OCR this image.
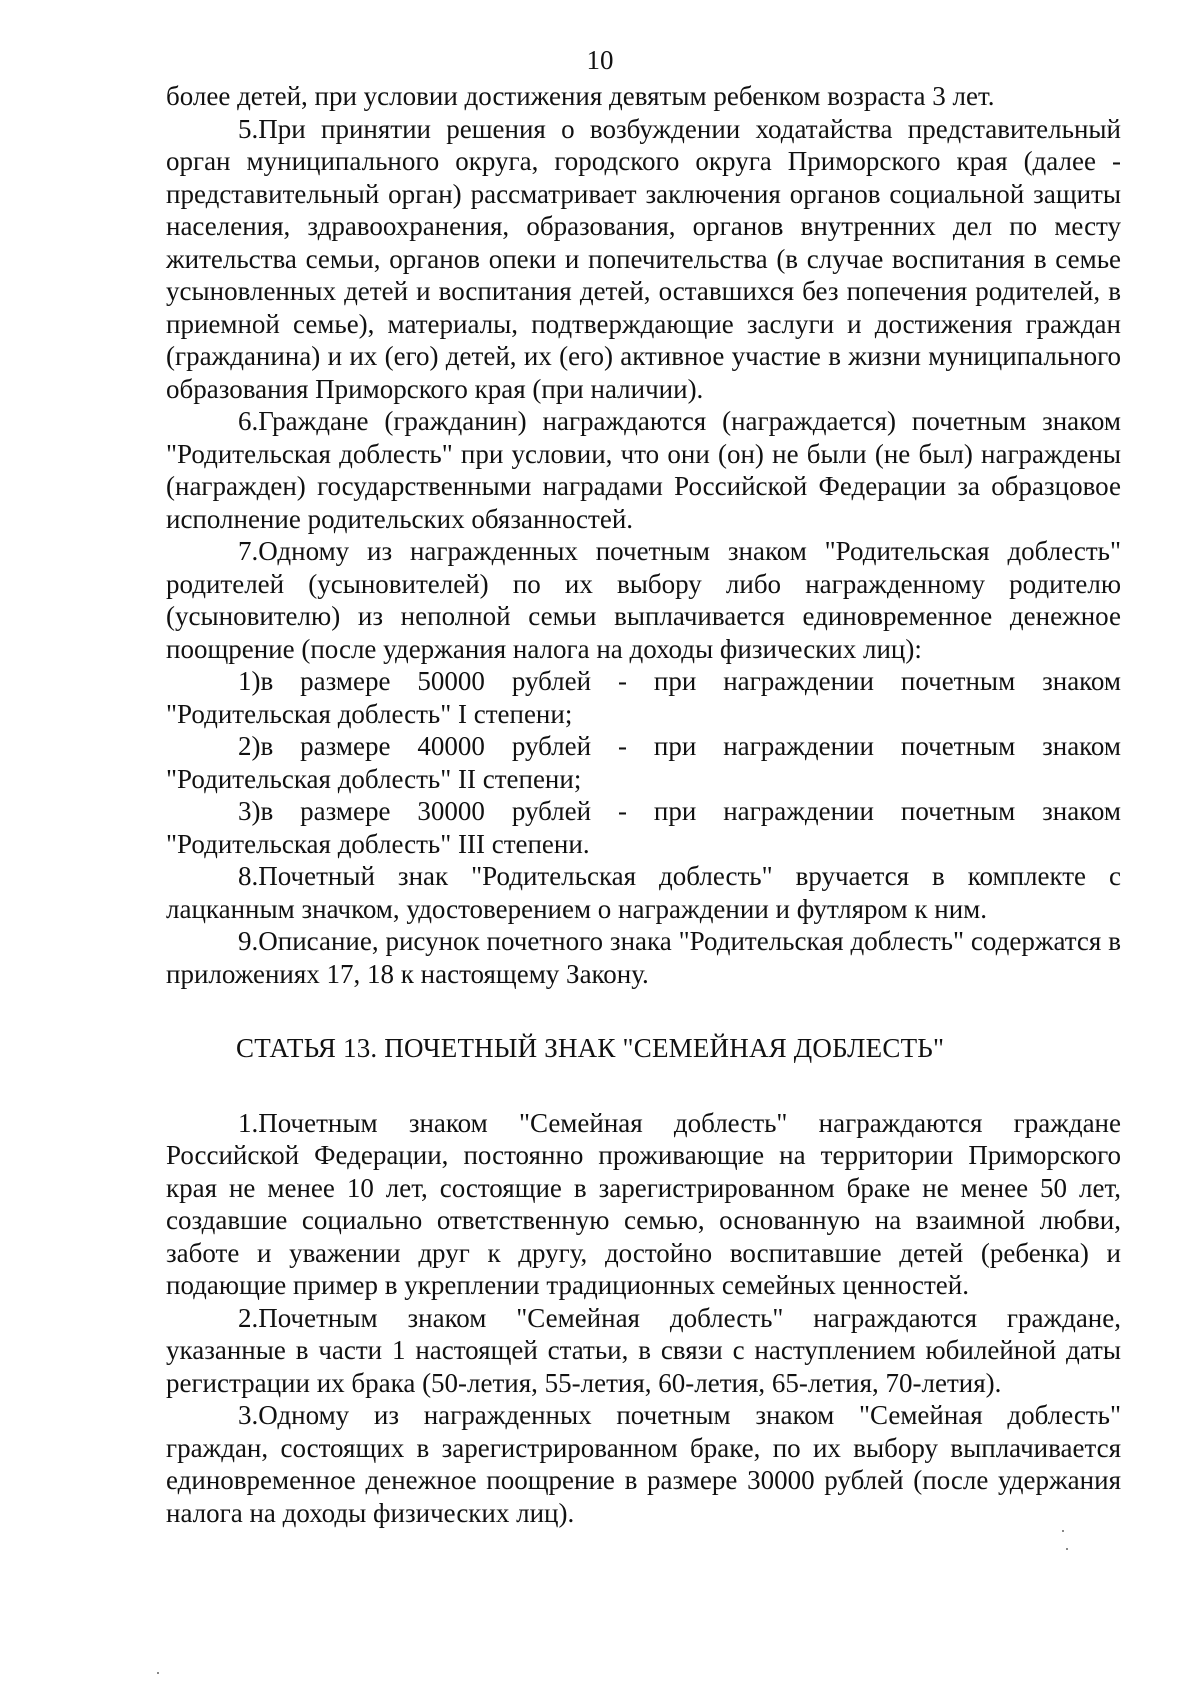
10

более детей, при условии достижения девятым ребенком возраста 3 лет.

5.При принятии решения о возбуждении ходатайства представительный орган муниципального округа, городского округа Приморского края (далее - представительный орган) рассматривает заключения органов социальной защиты населения, здравоохранения, образования, органов внутренних дел по месту жительства семьи, органов опеки и попечительства (в случае воспитания в семье усыновленных детей и воспитания детей, оставшихся без попечения родителей, в приемной семье), материалы, подтверждающие заслуги и достижения граждан (гражданина) и их (его) детей, их (его) активное участие в жизни муниципального образования Приморского края (при наличии).

6.Граждане (гражданин) награждаются (награждается) почетным знаком "Родительская доблесть" при условии, что они (он) не были (не был) награждены (награжден) государственными наградами Российской Федерации за образцовое исполнение родительских обязанностей.

7.Одному из награжденных почетным знаком "Родительская доблесть" родителей (усыновителей) по их выбору либо награжденному родителю (усыновителю) из неполной семьи выплачивается единовременное денежное поощрение (после удержания налога на доходы физических лиц):

1)в размере 50000 рублей - при награждении почетным знаком "Родительская доблесть" I степени;

2)в размере 40000 рублей - при награждении почетным знаком "Родительская доблесть" II степени;

3)в размере 30000 рублей - при награждении почетным знаком "Родительская доблесть" III степени.

8.Почетный знак "Родительская доблесть" вручается в комплекте с лацканным значком, удостоверением о награждении и футляром к ним.

9.Описание, рисунок почетного знака "Родительская доблесть" содержатся в приложениях 17, 18 к настоящему Закону.

СТАТЬЯ 13. ПОЧЕТНЫЙ ЗНАК "СЕМЕЙНАЯ ДОБЛЕСТЬ"

1.Почетным знаком "Семейная доблесть" награждаются граждане Российской Федерации, постоянно проживающие на территории Приморского края не менее 10 лет, состоящие в зарегистрированном браке не менее 50 лет, создавшие социально ответственную семью, основанную на взаимной любви, заботе и уважении друг к другу, достойно воспитавшие детей (ребенка) и подающие пример в укреплении традиционных семейных ценностей.

2.Почетным знаком "Семейная доблесть" награждаются граждане, указанные в части 1 настоящей статьи, в связи с наступлением юбилейной даты регистрации их брака (50-летия, 55-летия, 60-летия, 65-летия, 70-летия).

3.Одному из награжденных почетным знаком "Семейная доблесть" граждан, состоящих в зарегистрированном браке, по их выбору выплачивается единовременное денежное поощрение в размере 30000 рублей (после удержания налога на доходы физических лиц).
